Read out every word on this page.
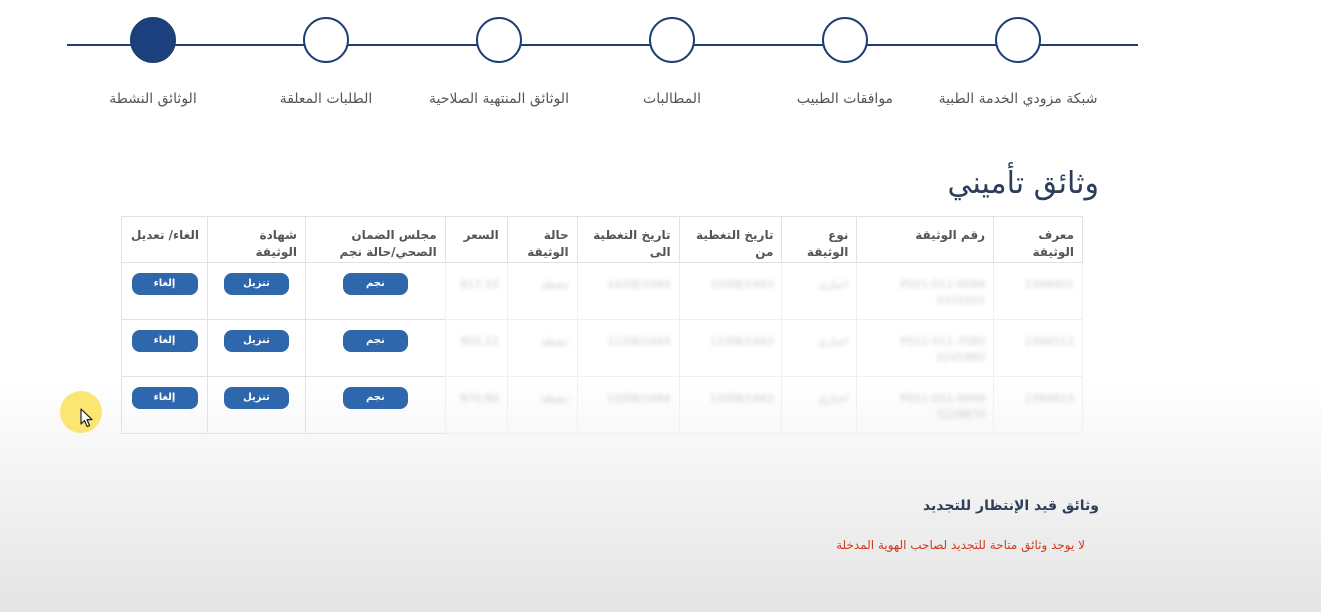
الوثائق النشطة	الطلبات المعلقة	الوثائق المنتهية الصلاحية	المطالبات	موافقات الطبيب	شبكة مزودي الخدمة الطبية
وثائق تأميني
معرف الوثيقة	رقم الوثيقة	نوع الوثيقة	تاريخ التغطية من	تاريخ التغطية الى	حالة الوثيقة	السعر	مجلس الضمان الصحي/حالة نجم	شهادة الوثيقة	الغاء/ تعديل
2394401	P021-011-0084 3331021	اجباري	15/08/1443	14/08/1444	نشطة	817.10	نجم	تنزيل	إلغاء
2394512	P012-011-7080 3245880	اجباري	11/08/1443	11/08/1444	نشطة	905.22	نجم	تنزيل	إلغاء
2394613	P011-011-0049 3228870	اجباري	13/08/1443	12/08/1444	نشطة	870.80	نجم	تنزيل	إلغاء
وثائق قيد الإنتظار للتجديد

لا يوجد وثائق متاحة للتجديد لصاحب الهوية المدخلة
